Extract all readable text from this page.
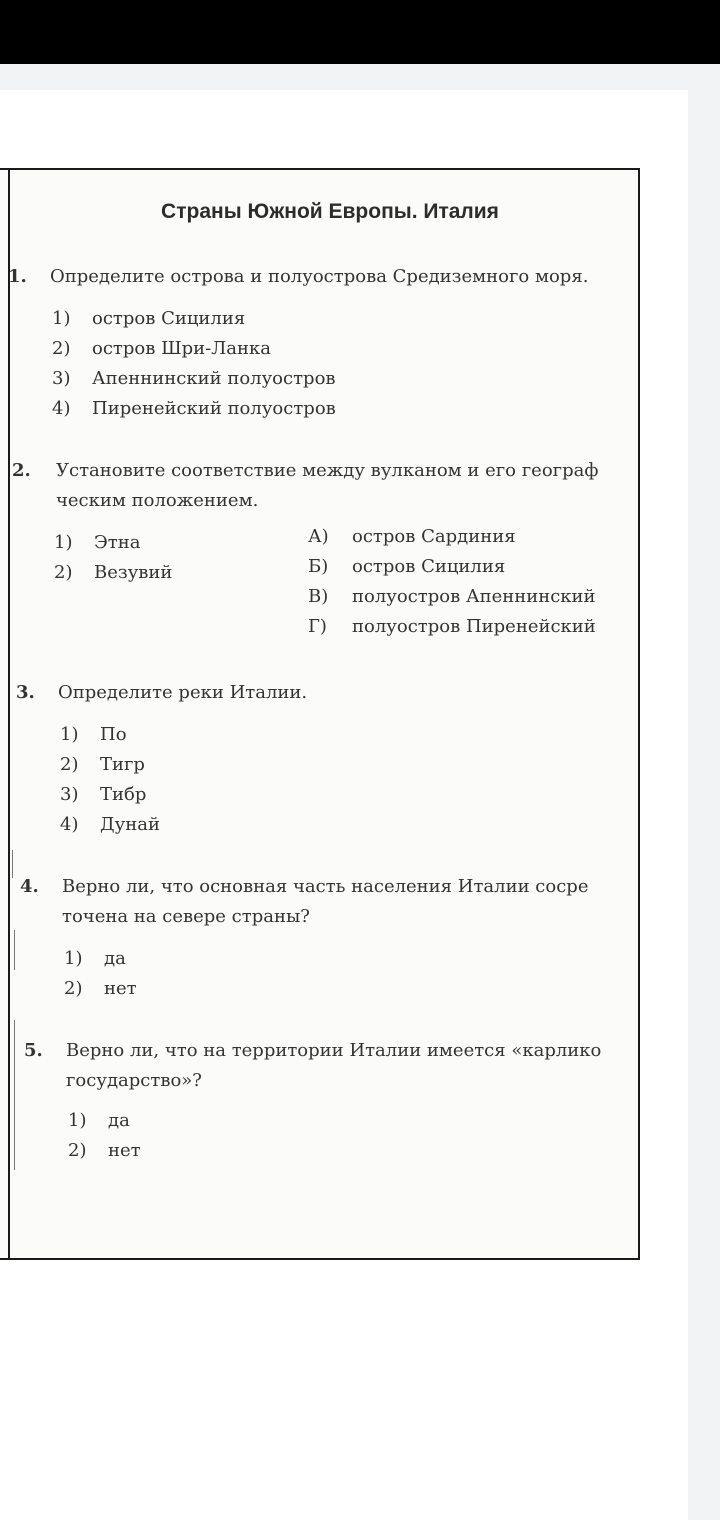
Страны Южной Европы. Италия
1. Определите острова и полуострова Средиземного моря.
1) остров Сицилия
2) остров Шри-Ланка
3) Апеннинский полуостров
4) Пиренейский полуостров
2. Установите соответствие между вулканом и его географ
ческим положением.
1) Этна
2) Везувий
А) остров Сардиния
Б) остров Сицилия
В) полуостров Апеннинский
Г) полуостров Пиренейский
3. Определите реки Италии.
1) По
2) Тигр
3) Тибр
4) Дунай
4. Верно ли, что основная часть населения Италии сосре
точена на севере страны?
1) да
2) нет
5. Верно ли, что на территории Италии имеется «карлико
государство»?
1) да
2) нет
